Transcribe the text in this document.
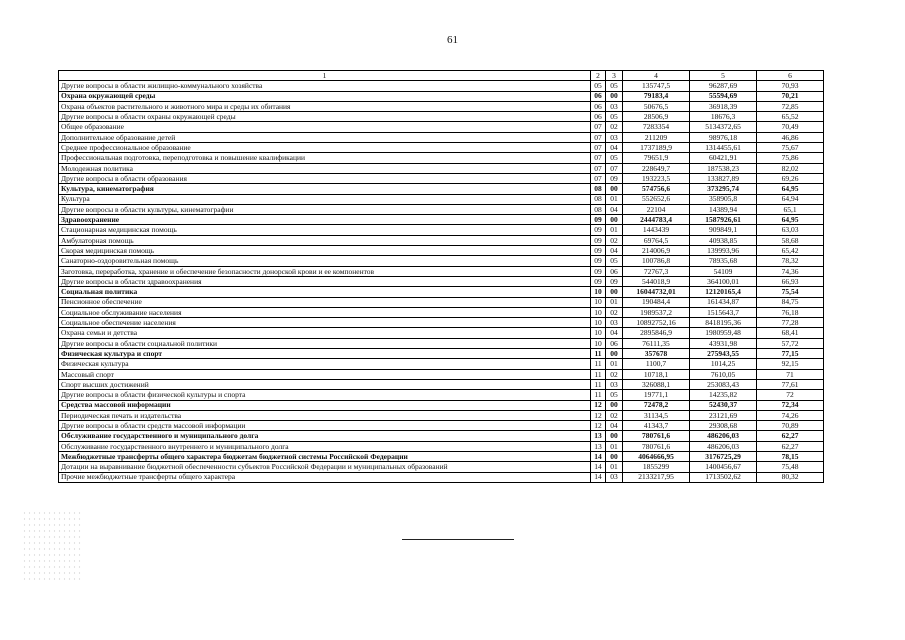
61
1	2	3	4	5	6
Другие вопросы в области жилищно-коммунального хозяйства	05	05	135747,5	96287,69	70,93
Охрана окружающей среды	06	00	79183,4	55594,69	70,21
Охрана объектов растительного и животного мира и среды их обитания	06	03	50676,5	36918,39	72,85
Другие вопросы в области охраны окружающей среды	06	05	28506,9	18676,3	65,52
Общее образование	07	02	7283354	5134372,65	70,49
Дополнительное образование детей	07	03	211209	98976,18	46,86
Среднее профессиональное образование	07	04	1737189,9	1314455,61	75,67
Профессиональная подготовка, переподготовка и повышение квалификации	07	05	79651,9	60421,91	75,86
Молодежная политика	07	07	228649,7	187538,23	82,02
Другие вопросы в области образования	07	09	193223,5	133827,89	69,26
Культура, кинематография	08	00	574756,6	373295,74	64,95
Культура	08	01	552652,6	358905,8	64,94
Другие вопросы в области культуры, кинематографии	08	04	22104	14389,94	65,1
Здравоохранение	09	00	2444783,4	1587926,61	64,95
Стационарная медицинская помощь	09	01	1443439	909849,1	63,03
Амбулаторная помощь	09	02	69764,5	40938,85	58,68
Скорая медицинская помощь	09	04	214006,9	139993,96	65,42
Санаторно-оздоровительная помощь	09	05	100786,8	78935,68	78,32
Заготовка, переработка, хранение и обеспечение безопасности донорской крови и ее компонентов	09	06	72767,3	54109	74,36
Другие вопросы в области здравоохранения	09	09	544018,9	364100,01	66,93
Социальная политика	10	00	16044732,01	12120165,4	75,54
Пенсионное обеспечение	10	01	190484,4	161434,87	84,75
Социальное обслуживание населения	10	02	1989537,2	1515643,7	76,18
Социальное обеспечение населения	10	03	10892752,16	8418195,36	77,28
Охрана семьи и детства	10	04	2895846,9	1980959,48	68,41
Другие вопросы в области социальной политики	10	06	76111,35	43931,98	57,72
Физическая культура и спорт	11	00	357678	275943,55	77,15
Физическая культура	11	01	1100,7	1014,25	92,15
Массовый спорт	11	02	10718,1	7610,05	71
Спорт высших достижений	11	03	326088,1	253083,43	77,61
Другие вопросы в области физической культуры и спорта	11	05	19771,1	14235,82	72
Средства массовой информации	12	00	72478,2	52430,37	72,34
Периодическая печать и издательства	12	02	31134,5	23121,69	74,26
Другие вопросы в области средств массовой информации	12	04	41343,7	29308,68	70,89
Обслуживание государственного и муниципального долга	13	00	780761,6	486206,03	62,27
Обслуживание государственного внутреннего и муниципального долга	13	01	780761,6	486206,03	62,27
Межбюджетные трансферты общего характера бюджетам бюджетной системы Российской Федерации	14	00	4064666,95	3176725,29	78,15
Дотации на выравнивание бюджетной обеспеченности субъектов Российской Федерации и муниципальных образований	14	01	1855299	1400456,67	75,48
Прочие межбюджетные трансферты общего характера	14	03	2133217,95	1713502,62	80,32
